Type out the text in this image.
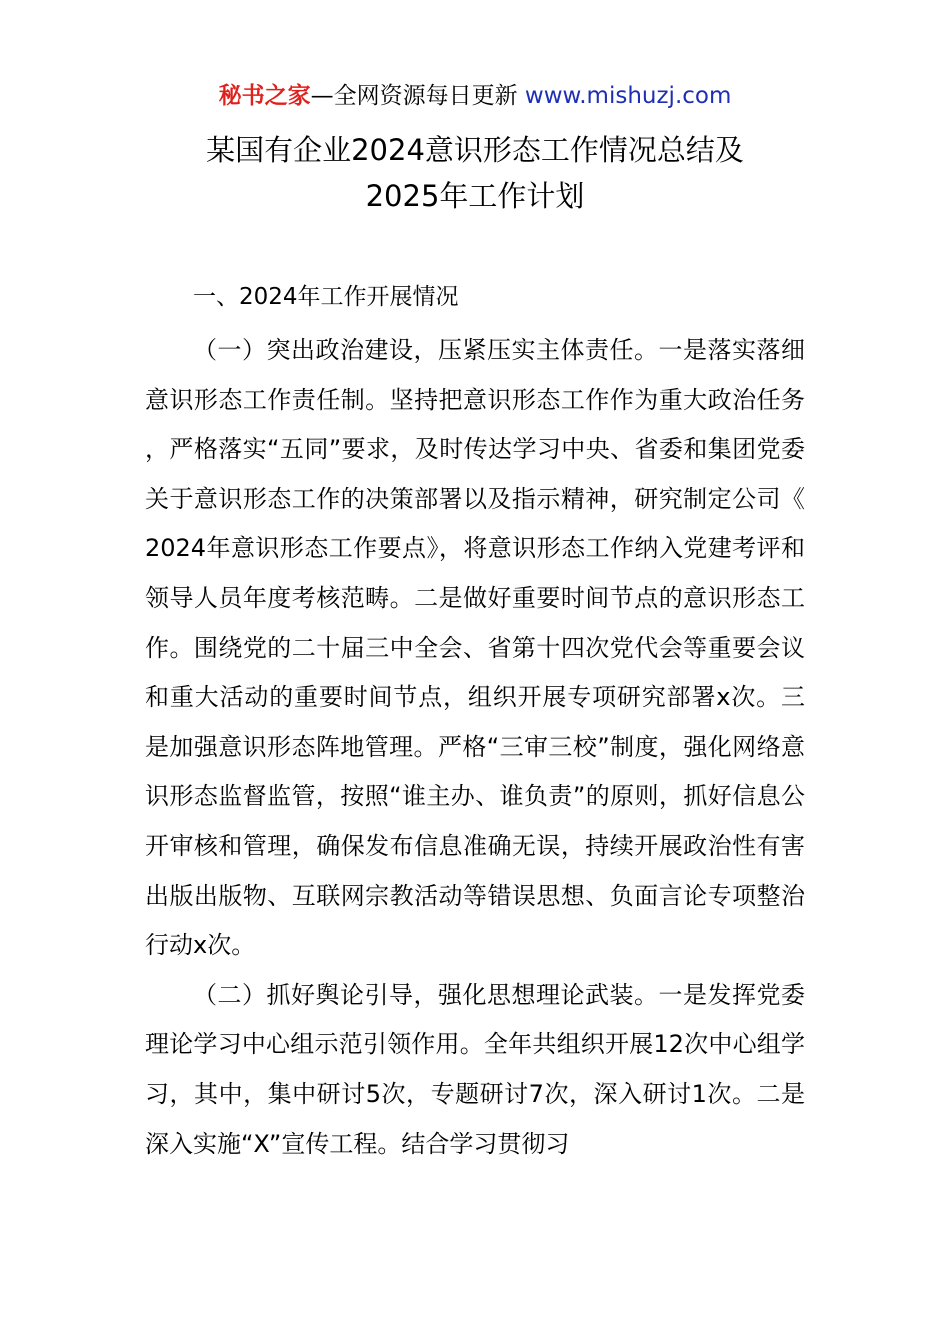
秘书之家—全网资源每日更新 www.mishuzj.com
某国有企业2024意识形态工作情况总结及
2025年工作计划

一、2024年工作开展情况

（一）突出政治建设，压紧压实主体责任。一是落实落细意识形态工作责任制。坚持把意识形态工作作为重大政治任务，严格落实“五同”要求，及时传达学习中央、省委和集团党委关于意识形态工作的决策部署以及指示精神，研究制定公司《2024年意识形态工作要点》，将意识形态工作纳入党建考评和领导人员年度考核范畴。二是做好重要时间节点的意识形态工作。围绕党的二十届三中全会、省第十四次党代会等重要会议和重大活动的重要时间节点，组织开展专项研究部署x次。三是加强意识形态阵地管理。严格“三审三校”制度，强化网络意识形态监督监管，按照“谁主办、谁负责”的原则，抓好信息公开审核和管理，确保发布信息准确无误，持续开展政治性有害出版出版物、互联网宗教活动等错误思想、负面言论专项整治行动x次。

（二）抓好舆论引导，强化思想理论武装。一是发挥党委理论学习中心组示范引领作用。全年共组织开展12次中心组学习，其中，集中研讨5次，专题研讨7次，深入研讨1次。二是深入实施“X”宣传工程。结合学习贯彻习
